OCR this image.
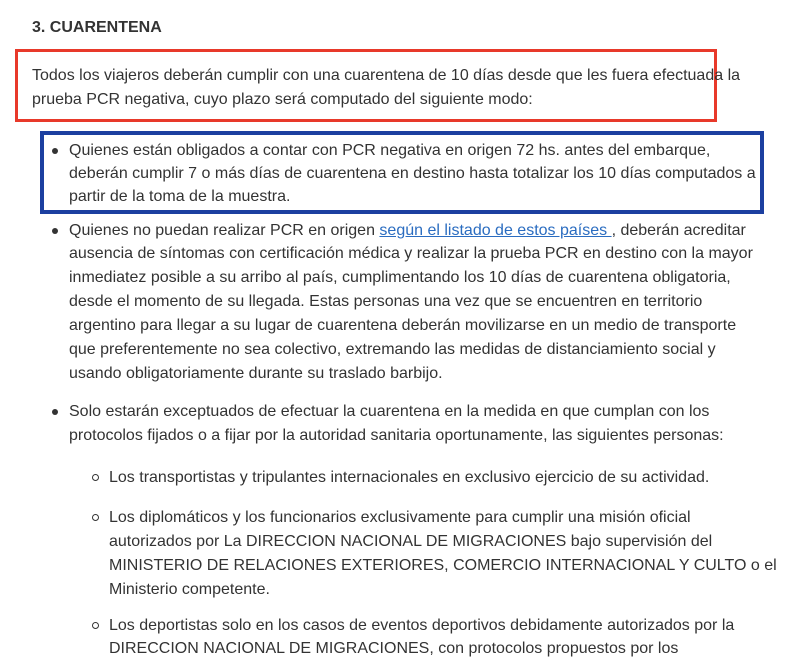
3. CUARENTENA
Todos los viajeros deberán cumplir con una cuarentena de 10 días desde que les fuera efectuada la
prueba PCR negativa, cuyo plazo será computado del siguiente modo:
Quienes están obligados a contar con PCR negativa en origen 72 hs. antes del embarque,
deberán cumplir 7 o más días de cuarentena en destino hasta totalizar los 10 días computados a
partir de la toma de la muestra.
Quienes no puedan realizar PCR en origen según el listado de estos países , deberán acreditar
ausencia de síntomas con certificación médica y realizar la prueba PCR en destino con la mayor
inmediatez posible a su arribo al país, cumplimentando los 10 días de cuarentena obligatoria,
desde el momento de su llegada. Estas personas una vez que se encuentren en territorio
argentino para llegar a su lugar de cuarentena deberán movilizarse en un medio de transporte
que preferentemente no sea colectivo, extremando las medidas de distanciamiento social y
usando obligatoriamente durante su traslado barbijo.
Solo estarán exceptuados de efectuar la cuarentena en la medida en que cumplan con los
protocolos fijados o a fijar por la autoridad sanitaria oportunamente, las siguientes personas:
Los transportistas y tripulantes internacionales en exclusivo ejercicio de su actividad.
Los diplomáticos y los funcionarios exclusivamente para cumplir una misión oficial
autorizados por La DIRECCION NACIONAL DE MIGRACIONES bajo supervisión del
MINISTERIO DE RELACIONES EXTERIORES, COMERCIO INTERNACIONAL Y CULTO o el
Ministerio competente.
Los deportistas solo en los casos de eventos deportivos debidamente autorizados por la
DIRECCION NACIONAL DE MIGRACIONES, con protocolos propuestos por los
